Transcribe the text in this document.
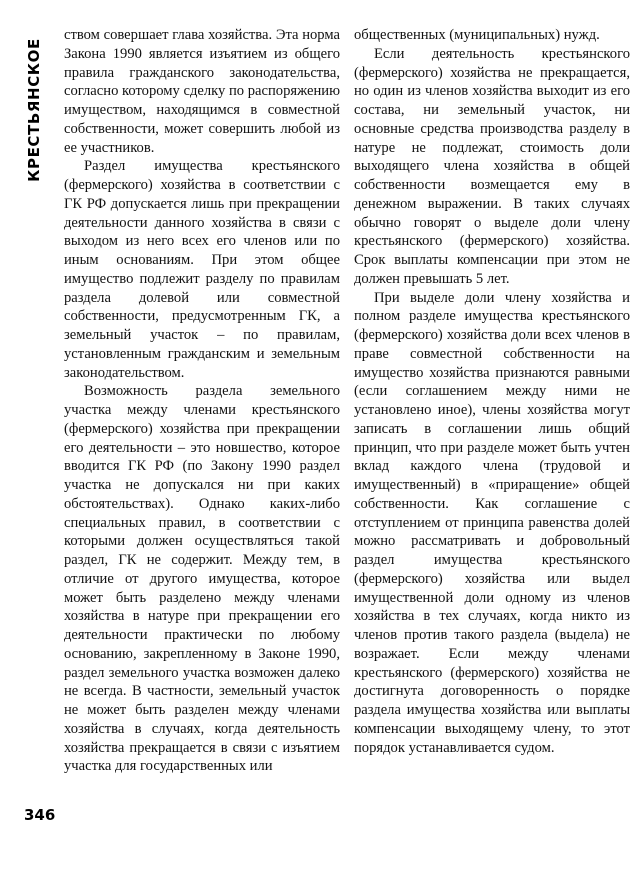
КРЕСТЬЯНСКОЕ

ством совершает глава хозяйства. Эта норма Закона 1990 является изъятием из общего правила гражданского законодательства, согласно которому сделку по распоряжению имуществом, находящимся в совместной собственности, может совершить любой из ее участников.

Раздел имущества крестьянского (фермерского) хозяйства в соответствии с ГК РФ допускается лишь при прекращении деятельности данного хозяйства в связи с выходом из него всех его членов или по иным основаниям. При этом общее имущество подлежит разделу по правилам раздела долевой или совместной собственности, предусмотренным ГК, а земельный участок – по правилам, установленным гражданским и земельным законодательством.

Возможность раздела земельного участка между членами крестьянского (фермерского) хозяйства при прекращении его деятельности – это новшество, которое вводится ГК РФ (по Закону 1990 раздел участка не допускался ни при каких обстоятельствах). Однако каких-либо специальных правил, в соответствии с которыми должен осуществляться такой раздел, ГК не содержит. Между тем, в отличие от другого имущества, которое может быть разделено между членами хозяйства в натуре при прекращении его деятельности практически по любому основанию, закрепленному в Законе 1990, раздел земельного участка возможен далеко не всегда. В частности, земельный участок не может быть разделен между членами хозяйства в случаях, когда деятельность хозяйства прекращается в связи с изъятием участка для государственных или

общественных (муниципальных) нужд.

Если деятельность крестьянского (фермерского) хозяйства не прекращается, но один из членов хозяйства выходит из его состава, ни земельный участок, ни основные средства производства разделу в натуре не подлежат, стоимость доли выходящего члена хозяйства в общей собственности возмещается ему в денежном выражении. В таких случаях обычно говорят о выделе доли члену крестьянского (фермерского) хозяйства. Срок выплаты компенсации при этом не должен превышать 5 лет.

При выделе доли члену хозяйства и полном разделе имущества крестьянского (фермерского) хозяйства доли всех членов в праве совместной собственности на имущество хозяйства признаются равными (если соглашением между ними не установлено иное), члены хозяйства могут записать в соглашении лишь общий принцип, что при разделе может быть учтен вклад каждого члена (трудовой и имущественный) в «приращение» общей собственности. Как соглашение с отступлением от принципа равенства долей можно рассматривать и добровольный раздел имущества крестьянского (фермерского) хозяйства или выдел имущественной доли одному из членов хозяйства в тех случаях, когда никто из членов против такого раздела (выдела) не возражает. Если между членами крестьянского (фермерского) хозяйства не достигнута договоренность о порядке раздела имущества хозяйства или выплаты компенсации выходящему члену, то этот порядок устанавливается судом.

346
